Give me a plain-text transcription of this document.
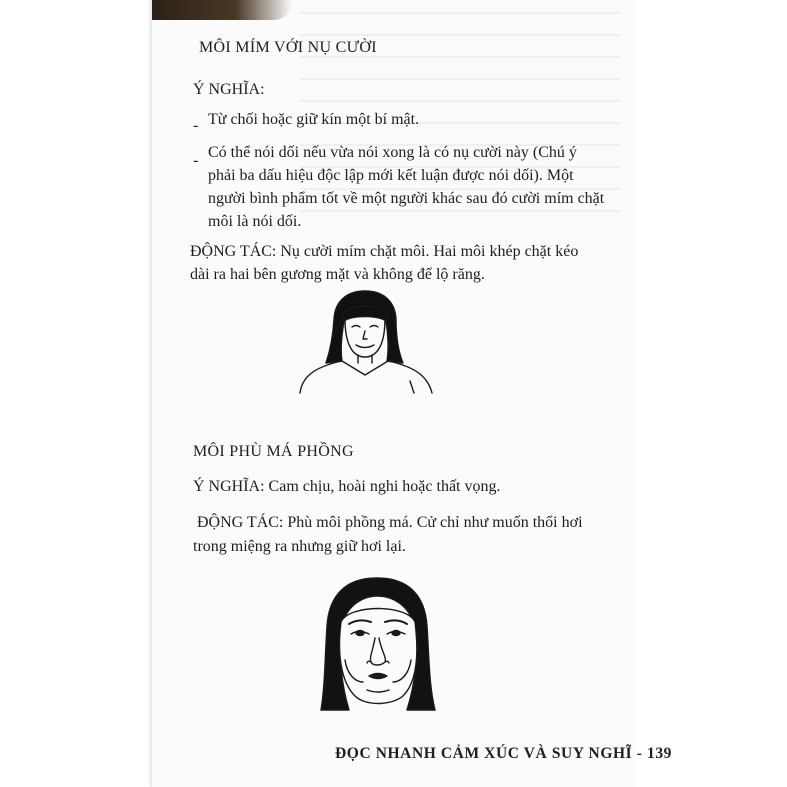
MÔI MÍM VỚI NỤ CƯỜI
Ý NGHĨA:
- Từ chối hoặc giữ kín một bí mật.
- Có thể nói dối nếu vừa nói xong là có nụ cười này (Chú ý
phải ba dấu hiệu độc lập mới kết luận được nói dối). Một
người bình phẩm tốt về một người khác sau đó cười mím chặt
môi là nói dối.
ĐỘNG TÁC: Nụ cười mím chặt môi. Hai môi khép chặt kéo
dài ra hai bên gương mặt và không để lộ răng.
MÔI PHÙ MÁ PHỒNG
Ý NGHĨA: Cam chịu, hoài nghi hoặc thất vọng.
ĐỘNG TÁC: Phù môi phồng má. Cử chỉ như muốn thổi hơi
trong miệng ra nhưng giữ hơi lại.
ĐỌC NHANH CẢM XÚC VÀ SUY NGHĨ - 139
